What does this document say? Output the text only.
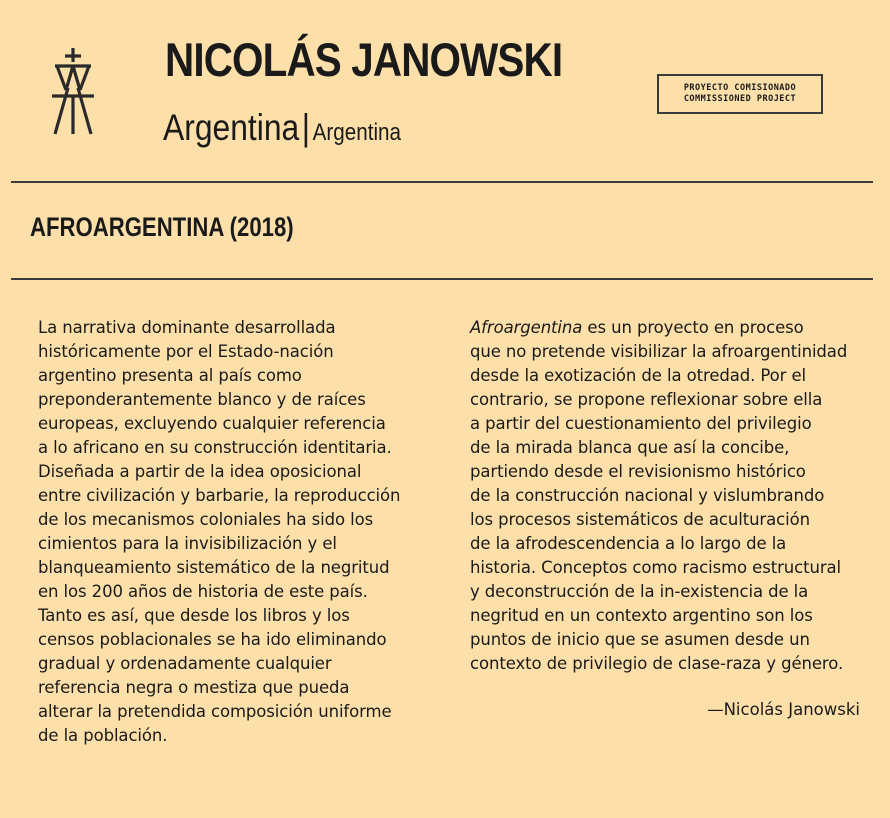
NICOLÁS JANOWSKI
Argentina| Argentina
PROYECTO COMISIONADO
COMMISSIONED PROJECT
AFROARGENTINA (2018)

La narrativa dominante desarrollada
históricamente por el Estado-nación
argentino presenta al país como
preponderantemente blanco y de raíces
europeas, excluyendo cualquier referencia
a lo africano en su construcción identitaria.
Diseñada a partir de la idea oposicional
entre civilización y barbarie, la reproducción
de los mecanismos coloniales ha sido los
cimientos para la invisibilización y el
blanqueamiento sistemático de la negritud
en los 200 años de historia de este país.
Tanto es así, que desde los libros y los
censos poblacionales se ha ido eliminando
gradual y ordenadamente cualquier
referencia negra o mestiza que pueda
alterar la pretendida composición uniforme
de la población.

Afroargentina es un proyecto en proceso
que no pretende visibilizar la afroargentinidad
desde la exotización de la otredad. Por el
contrario, se propone reflexionar sobre ella
a partir del cuestionamiento del privilegio
de la mirada blanca que así la concibe,
partiendo desde el revisionismo histórico
de la construcción nacional y vislumbrando
los procesos sistemáticos de aculturación
de la afrodescendencia a lo largo de la
historia. Conceptos como racismo estructural
y deconstrucción de la in-existencia de la
negritud en un contexto argentino son los
puntos de inicio que se asumen desde un
contexto de privilegio de clase-raza y género.

—Nicolás Janowski
